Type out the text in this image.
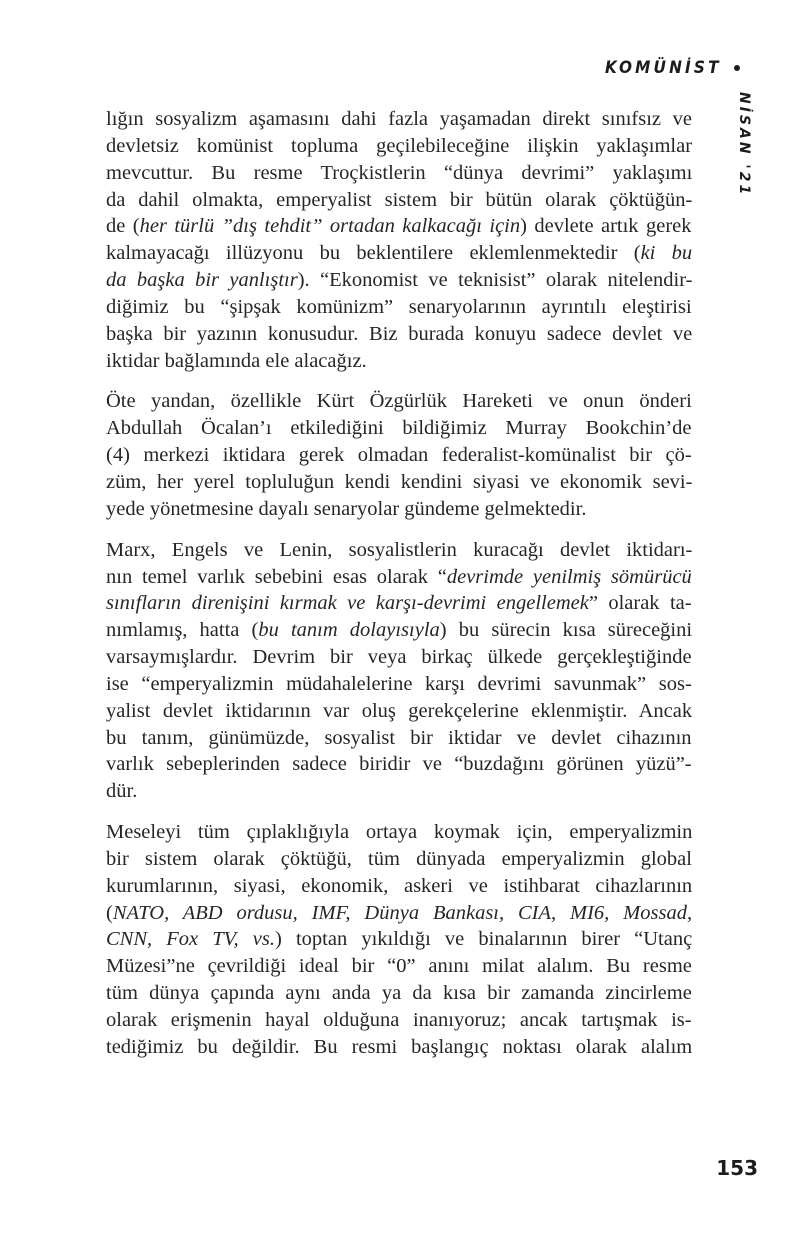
KOMÜNİST
NİSAN '21
lığın sosyalizm aşamasını dahi fazla yaşamadan direkt sınıfsız ve
devletsiz komünist topluma geçilebileceğine ilişkin yaklaşımlar
mevcuttur. Bu resme Troçkistlerin “dünya devrimi” yaklaşımı
da dahil olmakta, emperyalist sistem bir bütün olarak çöktüğün-
de (her türlü ”dış tehdit” ortadan kalkacağı için) devlete artık gerek
kalmayacağı illüzyonu bu beklentilere eklemlenmektedir (ki bu
da başka bir yanlıştır). “Ekonomist ve teknisist” olarak nitelendir-
diğimiz bu “şipşak komünizm” senaryolarının ayrıntılı eleştirisi
başka bir yazının konusudur. Biz burada konuyu sadece devlet ve
iktidar bağlamında ele alacağız.
Öte yandan, özellikle Kürt Özgürlük Hareketi ve onun önderi
Abdullah Öcalan’ı etkilediğini bildiğimiz Murray Bookchin’de
(4) merkezi iktidara gerek olmadan federalist-komünalist bir çö-
züm, her yerel topluluğun kendi kendini siyasi ve ekonomik sevi-
yede yönetmesine dayalı senaryolar gündeme gelmektedir.
Marx, Engels ve Lenin, sosyalistlerin kuracağı devlet iktidarı-
nın temel varlık sebebini esas olarak “devrimde yenilmiş sömürücü
sınıfların direnişini kırmak ve karşı-devrimi engellemek” olarak ta-
nımlamış, hatta (bu tanım dolayısıyla) bu sürecin kısa süreceğini
varsaymışlardır. Devrim bir veya birkaç ülkede gerçekleştiğinde
ise “emperyalizmin müdahalelerine karşı devrimi savunmak” sos-
yalist devlet iktidarının var oluş gerekçelerine eklenmiştir. Ancak
bu tanım, günümüzde, sosyalist bir iktidar ve devlet cihazının
varlık sebeplerinden sadece biridir ve “buzdağını görünen yüzü”-
dür.
Meseleyi tüm çıplaklığıyla ortaya koymak için, emperyalizmin
bir sistem olarak çöktüğü, tüm dünyada emperyalizmin global
kurumlarının, siyasi, ekonomik, askeri ve istihbarat cihazlarının
(NATO, ABD ordusu, IMF, Dünya Bankası, CIA, MI6, Mossad,
CNN, Fox TV, vs.) toptan yıkıldığı ve binalarının birer “Utanç
Müzesi”ne çevrildiği ideal bir “0” anını milat alalım. Bu resme
tüm dünya çapında aynı anda ya da kısa bir zamanda zincirleme
olarak erişmenin hayal olduğuna inanıyoruz; ancak tartışmak is-
tediğimiz bu değildir. Bu resmi başlangıç noktası olarak alalım
153
